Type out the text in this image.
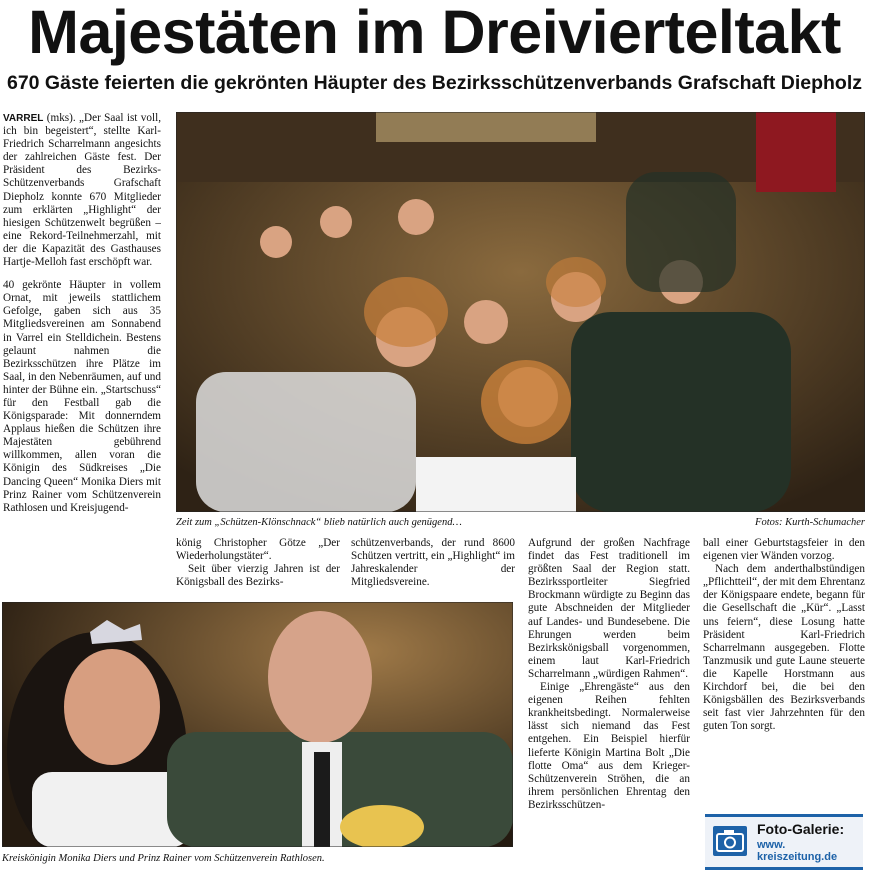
Majestäten im Dreivierteltakt
670 Gäste feierten die gekrönten Häupter des Bezirksschützenverbands Grafschaft Diepholz

VARREL (mks). „Der Saal ist voll, ich bin begeistert“, stellte Karl-Friedrich Scharrelmann angesichts der zahlreichen Gäste fest. Der Präsident des Bezirks-Schützenverbands Grafschaft Diepholz konnte 670 Mitglieder zum erklärten „Highlight“ der hiesigen Schützenwelt begrüßen – eine Rekord-Teilnehmerzahl, mit der die Kapazität des Gasthauses Hartje-Melloh fast erschöpft war.

40 gekrönte Häupter in vollem Ornat, mit jeweils stattlichem Gefolge, gaben sich aus 35 Mitgliedsvereinen am Sonnabend in Varrel ein Stelldichein. Bestens gelaunt nahmen die Bezirksschützen ihre Plätze im Saal, in den Nebenräumen, auf und hinter der Bühne ein. „Startschuss“ für den Festball gab die Königsparade: Mit donnerndem Applaus hießen die Schützen ihre Majestäten gebührend willkommen, allen voran die Königin des Südkreises „Die Dancing Queen“ Monika Diers mit Prinz Rainer vom Schützenverein Rathlosen und Kreisjugend-

Zeit zum „Schützen-Klönschnack“ blieb natürlich auch genügend…	Fotos: Kurth-Schumacher

könig Christopher Götze „Der Wiederholungstäter“.

Seit über vierzig Jahren ist der Königsball des Bezirks-

schützenverbands, der rund 8600 Schützen vertritt, ein „Highlight“ im Jahreskalender der Mitgliedsvereine.

Aufgrund der großen Nachfrage findet das Fest traditionell im größten Saal der Region statt. Bezirkssportleiter Siegfried Brockmann würdigte zu Beginn das gute Abschneiden der Mitglieder auf Landes- und Bundesebene. Die Ehrungen werden beim Bezirkskönigsball vorgenommen, einem laut Karl-Friedrich Scharrelmann „würdigen Rahmen“.

Einige „Ehrengäste“ aus den eigenen Reihen fehlten krankheitsbedingt. Normalerweise lässt sich niemand das Fest entgehen. Ein Beispiel hierfür lieferte Königin Martina Bolt „Die flotte Oma“ aus dem Krieger-Schützenverein Ströhen, die an ihrem persönlichen Ehrentag den Bezirksschützen-

ball einer Geburtstagsfeier in den eigenen vier Wänden vorzog.

Nach dem anderthalbstündigen „Pflichtteil“, der mit dem Ehrentanz der Königspaare endete, begann für die Gesellschaft die „Kür“. „Lasst uns feiern“, diese Losung hatte Präsident Karl-Friedrich Scharrelmann ausgegeben. Flotte Tanzmusik und gute Laune steuerte die Kapelle Horstmann aus Kirchdorf bei, die bei den Königsbällen des Bezirksverbands seit fast vier Jahrzehnten für den guten Ton sorgt.

Kreiskönigin Monika Diers und Prinz Rainer vom Schützenverein Rathlosen.
Foto-Galerie:
www.
kreiszeitung.de
